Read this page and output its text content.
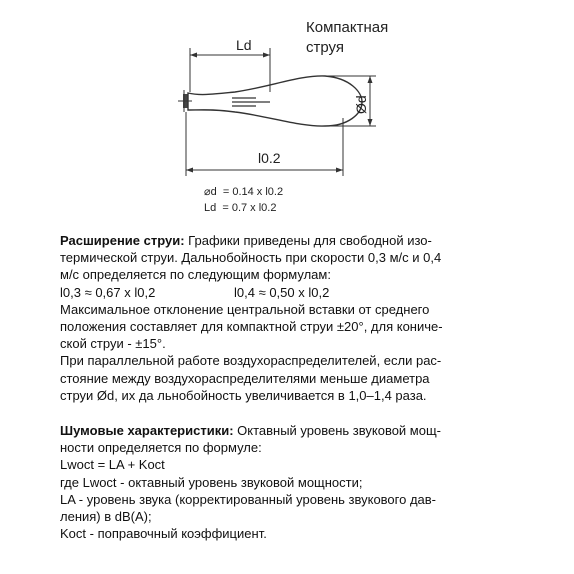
Ld
l0.2
Ød
Компактная
струя
⌀d  = 0.14 x l0.2
Ld  = 0.7 x l0.2

Расширение струи: Графики приведены для свободной изо-

термической струи. Дальнобойность при скорости 0,3 м/с и 0,4

м/с определяется по следующим формулам:

l0,3 ≈ 0,67 x l0,2	l0,4 ≈ 0,50 x l0,2

Максимальное отклонение центральной вставки от среднего

положения составляет для компактной струи ±20°, для кониче-

ской струи - ±15°.

При параллельной работе воздухораспределителей, если рас-

стояние между воздухораспределителями меньше диаметра

струи Ød, их да льнобойность увеличивается в 1,0–1,4 раза.

Шумовые характеристики: Октавный уровень звуковой мощ-

ности определяется по формуле:

Lwoct = LA + Koct

где Lwoct - октавный уровень звуковой мощности;

LA - уровень звука (корректированный уровень звукового дав-

ления) в dB(A);

Koct - поправочный коэффициент.
